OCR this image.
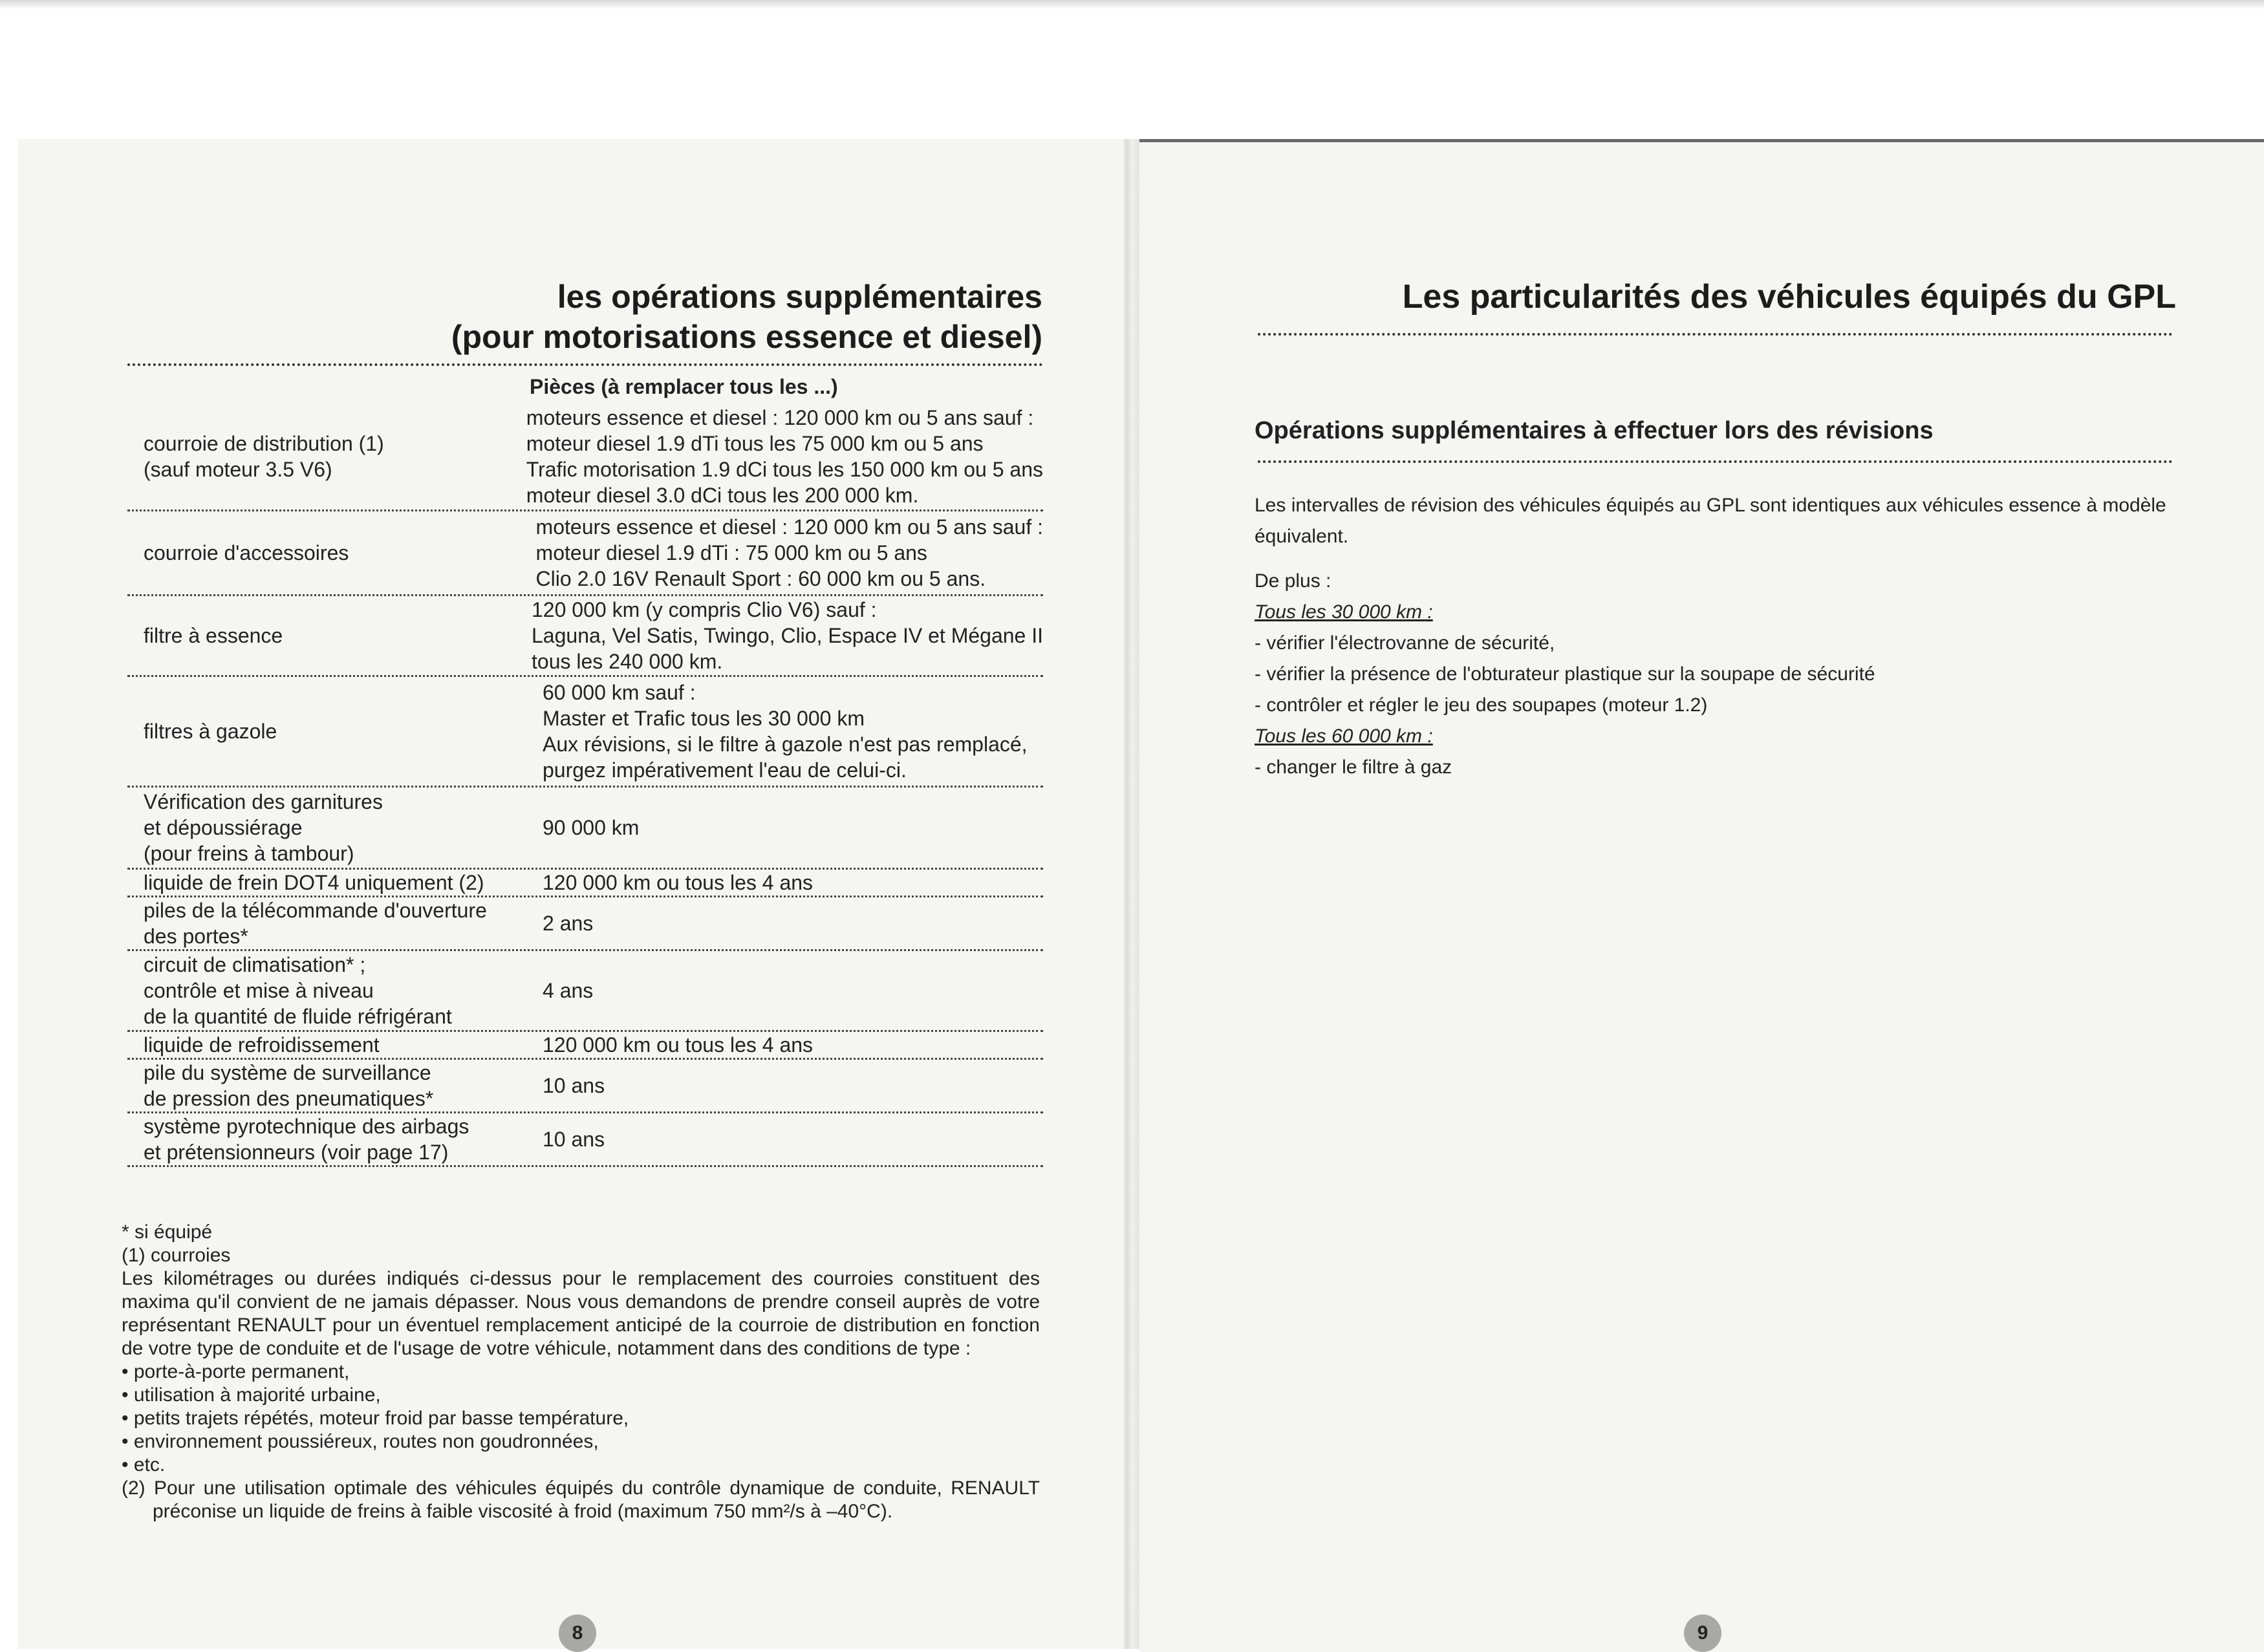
les opérations supplémentaires
(pour motorisations essence et diesel)
Pièces (à remplacer tous les ...)
courroie de distribution (1)
(sauf moteur 3.5 V6)
moteurs essence et diesel : 120 000 km ou 5 ans sauf :
moteur diesel 1.9 dTi tous les 75 000 km ou 5 ans
Trafic motorisation 1.9 dCi tous les 150 000 km ou 5 ans
moteur diesel 3.0 dCi tous les 200 000 km.
courroie d'accessoires
moteurs essence et diesel : 120 000 km ou 5 ans sauf :
moteur diesel 1.9 dTi : 75 000 km ou 5 ans
Clio 2.0 16V Renault Sport : 60 000 km ou 5 ans.
filtre à essence
120 000 km (y compris Clio V6) sauf :
Laguna, Vel Satis, Twingo, Clio, Espace IV et Mégane II
tous les 240 000 km.
filtres à gazole
60 000 km sauf :
Master et Trafic tous les 30 000 km
Aux révisions, si le filtre à gazole n'est pas remplacé,
purgez impérativement l'eau de celui-ci.
Vérification des garnitures
et dépoussiérage
(pour freins à tambour)
90 000 km
liquide de frein DOT4 uniquement (2)	120 000 km ou tous les 4 ans
piles de la télécommande d'ouverture
des portes*
2 ans
circuit de climatisation* ;
contrôle et mise à niveau
de la quantité de fluide réfrigérant
4 ans
liquide de refroidissement	120 000 km ou tous les 4 ans
pile du système de surveillance
de pression des pneumatiques*
10 ans
système pyrotechnique des airbags
et prétensionneurs (voir page 17)
10 ans
* si équipé
(1) courroies
Les kilométrages ou durées indiqués ci-dessus pour le remplacement des courroies constituent des maxima qu'il convient de ne jamais dépasser. Nous vous demandons de prendre conseil auprès de votre représentant RENAULT pour un éventuel remplacement anticipé de la courroie de distribution en fonction de votre type de conduite et de l'usage de votre véhicule, notamment dans des conditions de type :
• porte-à-porte permanent,
• utilisation à majorité urbaine,
• petits trajets répétés, moteur froid par basse température,
• environnement poussiéreux, routes non goudronnées,
• etc.
(2) Pour une utilisation optimale des véhicules équipés du contrôle dynamique de conduite, RENAULT préconise un liquide de freins à faible viscosité à froid (maximum 750 mm²/s à –40°C).
8
Les particularités des véhicules équipés du GPL
Opérations supplémentaires à effectuer lors des révisions
Les intervalles de révision des véhicules équipés au GPL sont identiques aux véhicules essence à modèle équivalent.
De plus :
Tous les 30 000 km :
- vérifier l'électrovanne de sécurité,
- vérifier la présence de l'obturateur plastique sur la soupape de sécurité
- contrôler et régler le jeu des soupapes (moteur 1.2)
Tous les 60 000 km :
- changer le filtre à gaz
9
